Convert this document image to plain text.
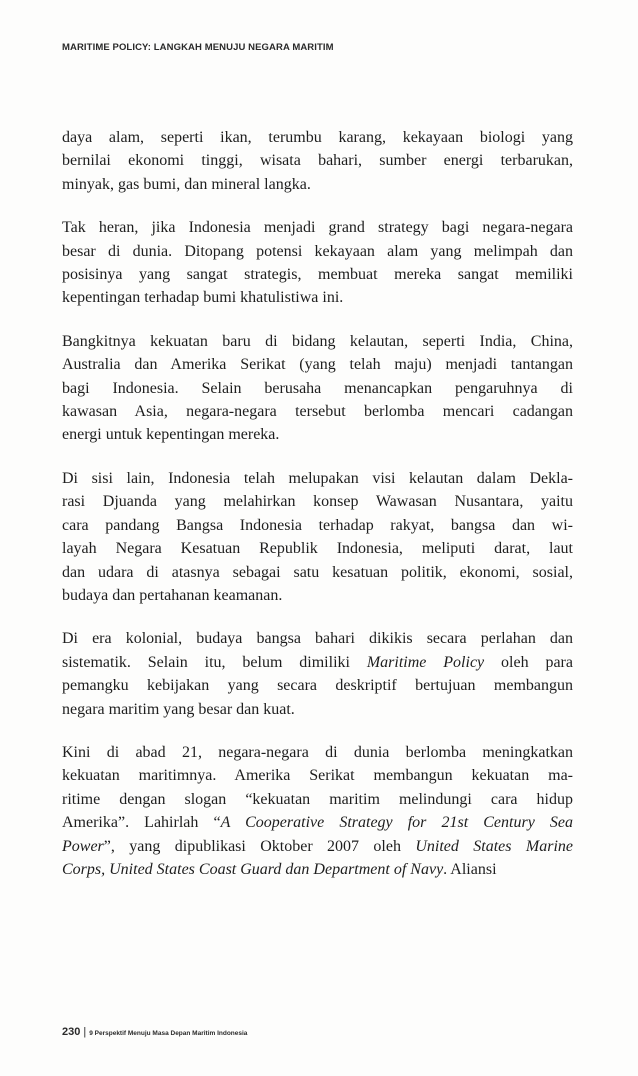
MARITIME POLICY: LANGKAH MENUJU NEGARA MARITIM

daya alam, seperti ikan, terumbu karang, kekayaan biologi yang
bernilai ekonomi tinggi, wisata bahari, sumber energi terbarukan,
minyak, gas bumi, dan mineral langka.

Tak heran, jika Indonesia menjadi grand strategy bagi negara-negara
besar di dunia. Ditopang potensi kekayaan alam yang melimpah dan
posisinya yang sangat strategis, membuat mereka sangat memiliki
kepentingan terhadap bumi khatulistiwa ini.

Bangkitnya kekuatan baru di bidang kelautan, seperti India, China,
Australia dan Amerika Serikat (yang telah maju) menjadi tantangan
bagi Indonesia. Selain berusaha menancapkan pengaruhnya di
kawasan Asia, negara-negara tersebut berlomba mencari cadangan
energi untuk kepentingan mereka.

Di sisi lain, Indonesia telah melupakan visi kelautan dalam Dekla-
rasi Djuanda yang melahirkan konsep Wawasan Nusantara, yaitu
cara pandang Bangsa Indonesia terhadap rakyat, bangsa dan wi-
layah Negara Kesatuan Republik Indonesia, meliputi darat, laut
dan udara di atasnya sebagai satu kesatuan politik, ekonomi, sosial,
budaya dan pertahanan keamanan.

Di era kolonial, budaya bangsa bahari dikikis secara perlahan dan
sistematik. Selain itu, belum dimiliki Maritime Policy oleh para
pemangku kebijakan yang secara deskriptif bertujuan membangun
negara maritim yang besar dan kuat.

Kini di abad 21, negara-negara di dunia berlomba meningkatkan
kekuatan maritimnya. Amerika Serikat membangun kekuatan ma-
ritime dengan slogan “kekuatan maritim melindungi cara hidup
Amerika”. Lahirlah “A Cooperative Strategy for 21st Century Sea
Power”, yang dipublikasi Oktober 2007 oleh United States Marine
Corps, United States Coast Guard dan Department of Navy. Aliansi

230 | 9 Perspektif Menuju Masa Depan Maritim Indonesia
